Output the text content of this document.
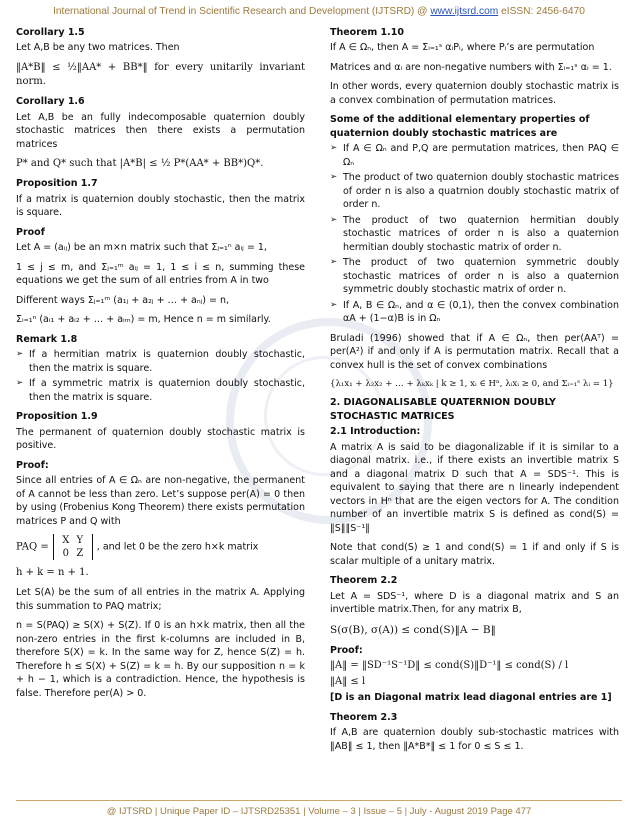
International Journal of Trend in Scientific Research and Development (IJTSRD) @ www.ijtsrd.com eISSN: 2456-6470
Corollary 1.5

Let A,B be any two matrices. Then

‖A*B‖ ≤ ½‖AA* + BB*‖ for every unitarily invariant norm.

Corollary 1.6

Let A,B be an fully indecomposable quaternion doubly stochastic matrices then there exists a permutation matrices

P* and Q* such that |A*B| ≤ ½ P*(AA* + BB*)Q*.

Proposition 1.7

If a matrix is quaternion doubly stochastic, then the matrix is square.

Proof

Let A = (aᵢⱼ) be an m×n matrix such that Σⱼ₌₁ⁿ aᵢⱼ = 1,

1 ≤ j ≤ m, and Σⱼ₌₁ᵐ aᵢⱼ = 1, 1 ≤ i ≤ n, summing these equations we get the sum of all entries from A in two

Different ways Σⱼ₌₁ᵐ (a₁ⱼ + a₂ⱼ + … + aₙⱼ) = n,

Σᵢ₌₁ⁿ (aᵢ₁ + aᵢ₂ + … + aᵢₘ) = m, Hence n = m similarly.

Remark 1.8
➢ If a hermitian matrix is quaternion doubly stochastic, then the matrix is square.
➢ If a symmetric matrix is quaternion doubly stochastic, then the matrix is square.
Proposition 1.9

The permanent of quaternion doubly stochastic matrix is positive.

Proof:

Since all entries of A ∈ Ωₙ are non-negative, the permanent of A cannot be less than zero. Let’s suppose per(A) = 0 then by using (Frobenius Kong Theorem) there exists permutation matrices P and Q with

PAQ =X Y
0 Z, and let 0 be the zero h×k matrix

h + k = n + 1.

Let S(A) be the sum of all entries in the matrix A. Applying this summation to PAQ matrix;

n = S(PAQ) ≥ S(X) + S(Z). If 0 is an h×k matrix, then all the non-zero entries in the first k-columns are included in B, therefore S(X) = k. In the same way for Z, hence S(Z) = h. Therefore h ≤ S(X) + S(Z) = k = h. By our supposition n = k + h − 1, which is a contradiction. Hence, the hypothesis is false. Therefore per(A) > 0.

Theorem 1.10

If A ∈ Ωₙ, then A = Σᵢ₌₁ˢ αᵢPᵢ, where Pᵢ’s are permutation

Matrices and αᵢ are non-negative numbers with Σᵢ₌₁ˢ αᵢ = 1.

In other words, every quaternion doubly stochastic matrix is a convex combination of permutation matrices.

Some of the additional elementary properties of quaternion doubly stochastic matrices are
➢ If A ∈ Ωₙ and P,Q are permutation matrices, then PAQ ∈ Ωₙ
➢ The product of two quaternion doubly stochastic matrices of order n is also a quatrnion doubly stochastic matrix of order n.
➢ The product of two quaternion hermitian doubly stochastic matrices of order n is also a quaternion hermitian doubly stochastic matrix of order n.
➢ The product of two quaternion symmetric doubly stochastic matrices of order n is also a quaternion symmetric doubly stochastic matrix of order n.
➢ If A, B ∈ Ωₙ, and α ∈ (0,1), then the convex combination αA + (1−α)B is in Ωₙ

Bruladi (1996) showed that if A ∈ Ωₙ, then per(AAᵀ) = per(A²) if and only if A is permutation matrix. Recall that a convex hull is the set of convex combinations

{λ₁x₁ + λ₂x₂ + … + λₖxₖ | k ≥ 1, xᵢ ∈ Hⁿ, λᵢxᵢ ≥ 0, and Σᵢ₌₁ˢ λᵢ = 1}

2. DIAGONALISABLE QUATERNION DOUBLY STOCHASTIC MATRICES
2.1 Introduction:

A matrix A is said to be diagonalizable if it is similar to a diagonal matrix. i.e., if there exists an invertible matrix S and a diagonal matrix D such that A = SDS⁻¹. This is equivalent to saying that there are n linearly independent vectors in Hⁿ that are the eigen vectors for A. The condition number of an invertible matrix S is defined as cond(S) = ‖S‖‖S⁻¹‖

Note that cond(S) ≥ 1 and cond(S) = 1 if and only if S is scalar multiple of a unitary matrix.

Theorem 2.2

Let A = SDS⁻¹, where D is a diagonal matrix and S an invertible matrix.Then, for any matrix B,

S(σ(B), σ(A)) ≤ cond(S)‖A − B‖

Proof:

‖A‖ = ‖SD⁻¹S⁻¹D‖ ≤ cond(S)‖D⁻¹‖ ≤ cond(S) / l

‖A‖ ≤ l

[D is an Diagonal matrix lead diagonal entries are 1]

Theorem 2.3

If A,B are quaternion doubly sub-stochastic matrices with ‖AB‖ ≤ 1, then ‖A*B*‖ ≤ 1 for 0 ≤ S ≤ 1.

@ IJTSRD | Unique Paper ID – IJTSRD25351 | Volume – 3 | Issue – 5 | July - August 2019 Page 477
